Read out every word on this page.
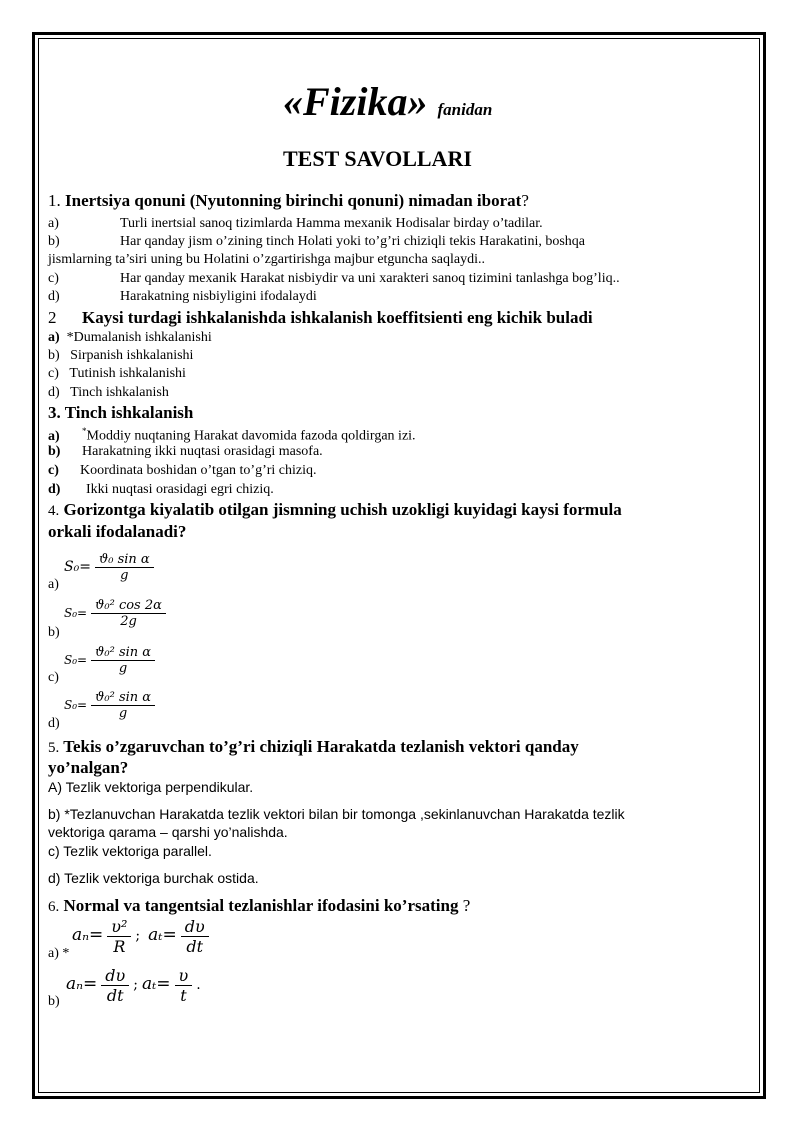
«Fizika» fanidan
TEST SAVOLLARI
1. Inertsiya qonuni (Nyutonning birinchi qonuni) nimadan iborat?
a)	Turli inertsial sanoq tizimlarda Hamma mexanik Hodisalar birday o’tadilar.
b)	Har qanday jism o’zining tinch Holati yoki to’g’ri chiziqli tekis Harakatini, boshqa
jismlarning ta’siri uning bu Holatini o’zgartirishga majbur etguncha saqlaydi..
c)	Har qanday mexanik Harakat nisbiydir va uni xarakteri sanoq tizimini tanlashga bog’liq..
d)	Harakatning nisbiyligini ifodalaydi
2 Kaysi turdagi ishkalanishda ishkalanish koeffitsienti eng kichik buladi
a) *Dumalanish ishkalanishi
b) Sirpanish ishkalanishi
c) Tutinish ishkalanishi
d) Tinch ishkalanish
3. Tinch ishkalanish
a) *Moddiy nuqtaning Harakat davomida fazoda qoldirgan izi.
b) Harakatning ikki nuqtasi orasidagi masofa.
c) Koordinata boshidan o’tgan to’g’ri chiziq.
d) Ikki nuqtasi orasidagi egri chiziq.
4. Gorizontga kiyalatib otilgan jismning uchish uzokligi kuyidagi kaysi formula
orkali ifodalanadi?
a)
$S_0= \frac{\text{ϑ₀ sin α}}{g}$
b)
$S_0= \frac{\text{ϑ₀² cos 2α}}{2g}$
c)
$S_0= \frac{\text{ϑ₀² sin α}}{g}$
d)
$S_0= \frac{\text{ϑ₀² sin α}}{g}$
5. Tekis o’zgaruvchan to’g’ri chiziqli Harakatda tezlanish vektori qanday
yo’nalgan?
A) Tezlik vektoriga perpendikular.
b) *Tezlanuvchan Harakatda tezlik vektori bilan bir tomonga ,sekinlanuvchan Harakatda tezlik
vektoriga qarama – qarshi yo’nalishda.
c) Tezlik vektoriga parallel.
d) Tezlik vektoriga burchak ostida.
6. Normal va tangentsial tezlanishlar ifodasini ko’rsating ?
a) *
$a_n= \frac{\text{υ²}}{R}$ ; $a_t= \frac{d\upsilon}{dt}$
b)
$a_n= \frac{d\upsilon}{dt}$ ; $a_t= \frac{\upsilon}{t}$ .
